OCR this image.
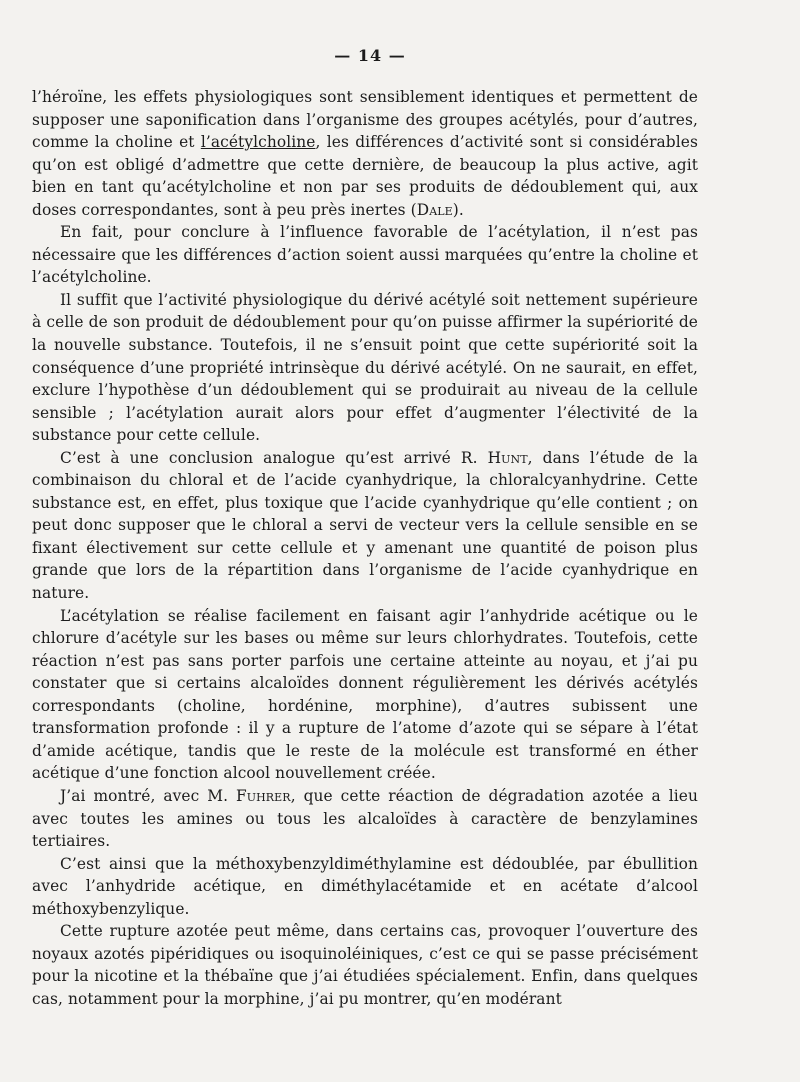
— 14 —

l’héroïne, les effets physiologiques sont sensiblement identiques et permettent de supposer une saponification dans l’organisme des groupes acétylés, pour d’autres, comme la choline et l’acétylcholine, les différences d’activité sont si considérables qu’on est obligé d’admettre que cette dernière, de beaucoup la plus active, agit bien en tant qu’acétylcholine et non par ses produits de dédoublement qui, aux doses correspondantes, sont à peu près inertes (Dale).

En fait, pour conclure à l’influence favorable de l’acétylation, il n’est pas nécessaire que les différences d’action soient aussi marquées qu’entre la choline et l’acétylcholine.

Il suffit que l’activité physiologique du dérivé acétylé soit nettement supérieure à celle de son produit de dédoublement pour qu’on puisse affirmer la supériorité de la nouvelle substance. Toutefois, il ne s’ensuit point que cette supériorité soit la conséquence d’une propriété intrinsèque du dérivé acétylé. On ne saurait, en effet, exclure l’hypothèse d’un dédoublement qui se produirait au niveau de la cellule sensible ; l’acétylation aurait alors pour effet d’augmenter l’électivité de la substance pour cette cellule.

C’est à une conclusion analogue qu’est arrivé R. Hunt, dans l’étude de la combinaison du chloral et de l’acide cyanhydrique, la chloralcyanhydrine. Cette substance est, en effet, plus toxique que l’acide cyanhydrique qu’elle contient ; on peut donc supposer que le chloral a servi de vecteur vers la cellule sensible en se fixant électivement sur cette cellule et y amenant une quantité de poison plus grande que lors de la répartition dans l’organisme de l’acide cyanhydrique en nature.

L’acétylation se réalise facilement en faisant agir l’anhydride acétique ou le chlorure d’acétyle sur les bases ou même sur leurs chlorhydrates. Toutefois, cette réaction n’est pas sans porter parfois une certaine atteinte au noyau, et j’ai pu constater que si certains alcaloïdes donnent régulièrement les dérivés acétylés correspondants (choline, hordénine, morphine), d’autres subissent une transformation profonde : il y a rupture de l’atome d’azote qui se sépare à l’état d’amide acétique, tandis que le reste de la molécule est transformé en éther acétique d’une fonction alcool nouvellement créée.

J’ai montré, avec M. Fuhrer, que cette réaction de dégradation azotée a lieu avec toutes les amines ou tous les alcaloïdes à caractère de benzylamines tertiaires.

C’est ainsi que la méthoxybenzyldiméthylamine est dédoublée, par ébullition avec l’anhydride acétique, en diméthylacétamide et en acétate d’alcool méthoxybenzylique.

Cette rupture azotée peut même, dans certains cas, provoquer l’ouverture des noyaux azotés pipéridiques ou isoquinoléiniques, c’est ce qui se passe précisément pour la nicotine et la thébaïne que j’ai étudiées spécialement. Enfin, dans quelques cas, notamment pour la morphine, j’ai pu montrer, qu’en modérant
